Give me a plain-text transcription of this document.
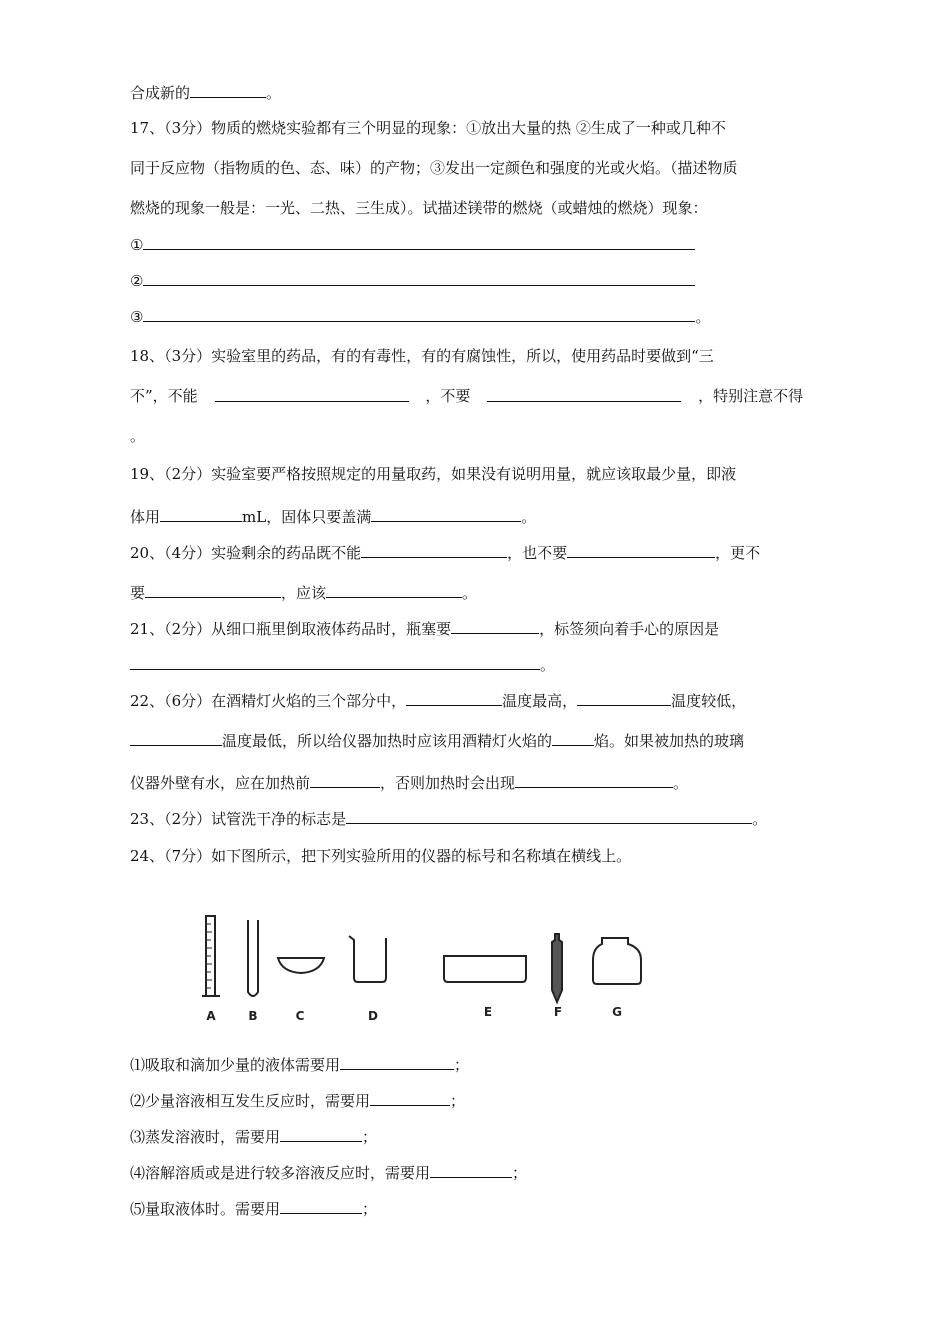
合成新的	。
17、（3分）物质的燃烧实验都有三个明显的现象：①放出大量的热 ②生成了一种或几种不
同于反应物（指物质的色、态、味）的产物；③发出一定颜色和强度的光或火焰。（描述物质
燃烧的现象一般是：一光、二热、三生成）。试描述镁带的燃烧（或蜡烛的燃烧）现象：
①
②
③	。
18、（3分）实验室里的药品，有的有毒性，有的有腐蚀性，所以，使用药品时要做到“三
不”，不能	，不要	，特别注意不得
。
19、（2分）实验室要严格按照规定的用量取药，如果没有说明用量，就应该取最少量，即液
体用	mL，固体只要盖满	。
20、（4分）实验剩余的药品既不能	，也不要	，更不
要	，应该	。
21、（2分）从细口瓶里倒取液体药品时，瓶塞要	，标签须向着手心的原因是
。
22、（6分）在酒精灯火焰的三个部分中，	温度最高，	温度较低，
温度最低，所以给仪器加热时应该用酒精灯火焰的	焰。如果被加热的玻璃
仪器外壁有水，应在加热前	，否则加热时会出现	。
23、（2分）试管洗干净的标志是	。
24、（7分）如下图所示，把下列实验所用的仪器的标号和名称填在横线上。
A	B	C	D	E	F	G
⑴吸取和滴加少量的液体需要用	；
⑵少量溶液相互发生反应时，需要用	；
⑶蒸发溶液时，需要用	；
⑷溶解溶质或是进行较多溶液反应时，需要用	；
⑸量取液体时。需要用	；
